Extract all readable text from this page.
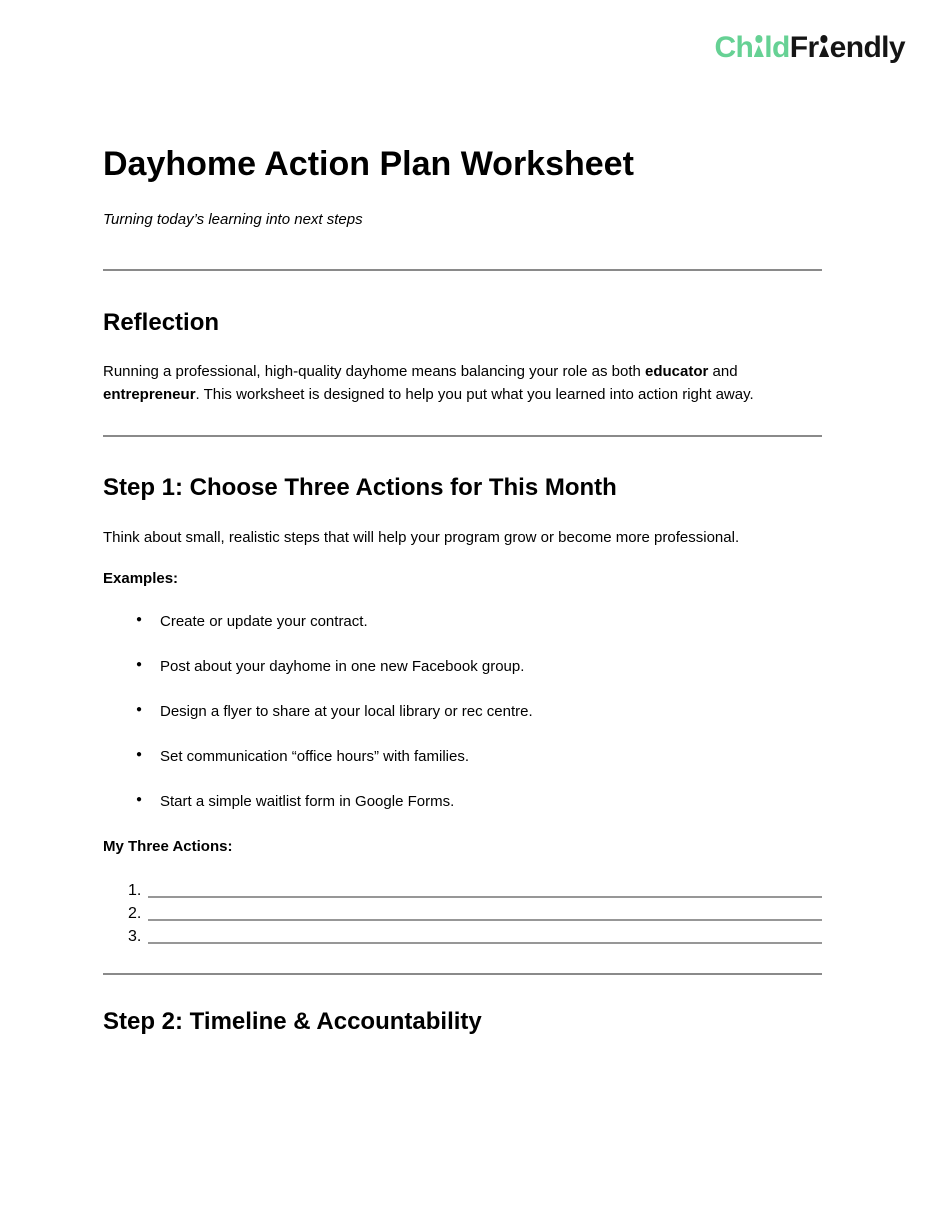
Ch ldFr endly
Dayhome Action Plan Worksheet

Turning today’s learning into next steps

Reflection

Running a professional, high-quality dayhome means balancing your role as both educator and entrepreneur. This worksheet is designed to help you put what you learned into action right away.

Step 1: Choose Three Actions for This Month

Think about small, realistic steps that will help your program grow or become more professional.

Examples:

● Create or update your contract.
● Post about your dayhome in one new Facebook group.
● Design a flyer to share at your local library or rec centre.
● Set communication “office hours” with families.
● Start a simple waitlist form in Google Forms.

My Three Actions:

1.
2.
3.
Step 2: Timeline & Accountability
